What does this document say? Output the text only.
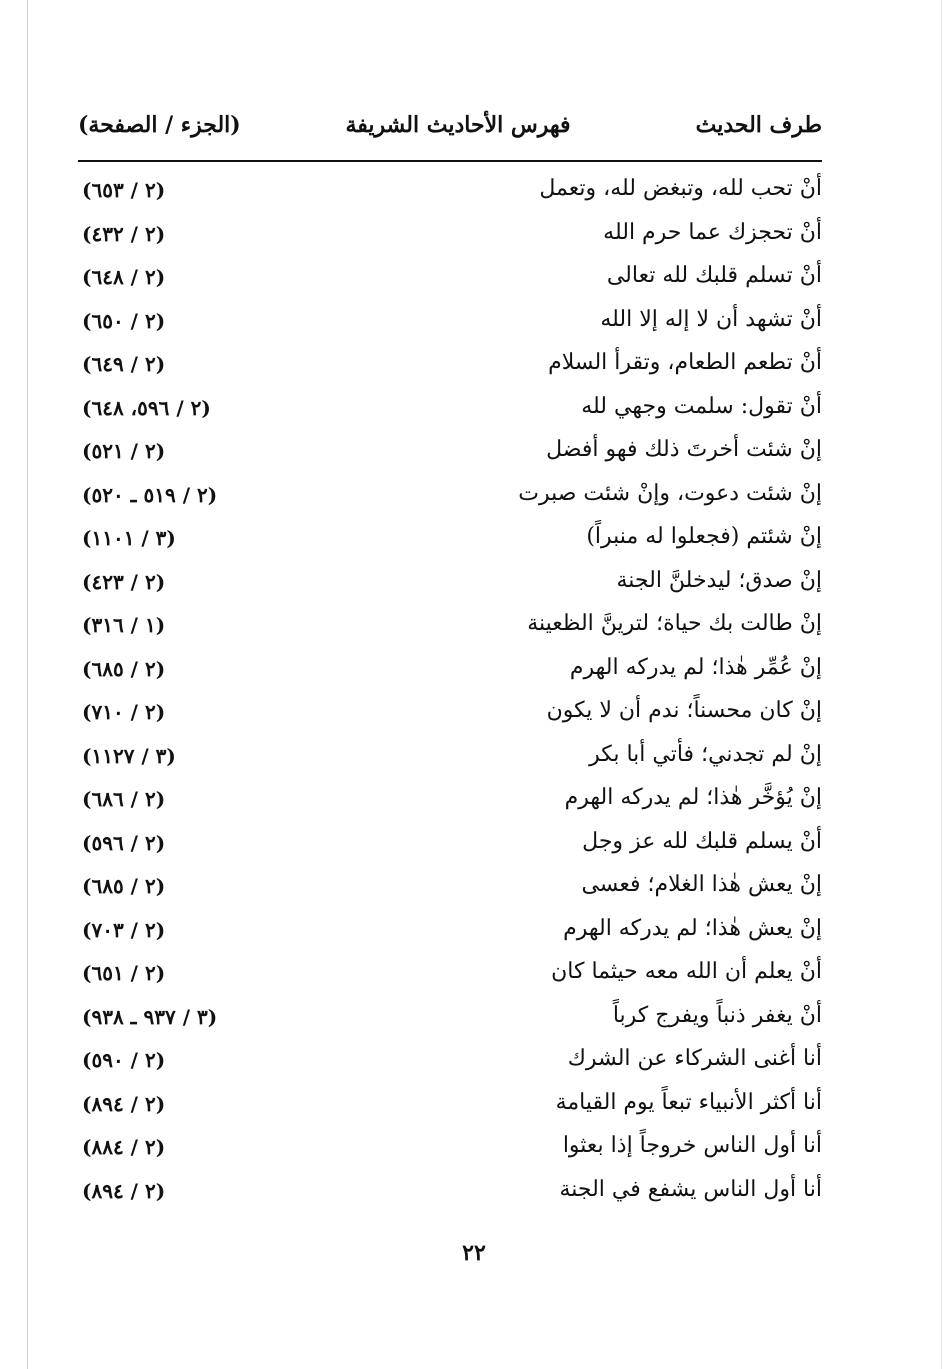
طرف الحديث
فهرس الأحاديث الشريفة
(الجزء / الصفحة)
أنْ تحب لله، وتبغض لله، وتعمل
(٢ / ٦٥٣)
أنْ تحجزك عما حرم الله
(٢ / ٤٣٢)
أنْ تسلم قلبك لله تعالى
(٢ / ٦٤٨)
أنْ تشهد أن لا إله إلا الله
(٢ / ٦٥٠)
أنْ تطعم الطعام، وتقرأ السلام
(٢ / ٦٤٩)
أنْ تقول: سلمت وجهي لله
(٢ / ٥٩٦، ٦٤٨)
إنْ شئت أخرتَ ذلك فهو أفضل
(٢ / ٥٢١)
إنْ شئت دعوت، وإنْ شئت صبرت
(٢ / ٥١٩ ـ ٥٢٠)
إنْ شئتم (فجعلوا له منبراً)
(٣ / ١١٠١)
إنْ صدق؛ ليدخلنَّ الجنة
(٢ / ٤٢٣)
إنْ طالت بك حياة؛ لترينَّ الظعينة
(١ / ٣١٦)
إنْ عُمِّر هٰذا؛ لم يدركه الهرم
(٢ / ٦٨٥)
إنْ كان محسناً؛ ندم أن لا يكون
(٢ / ٧١٠)
إنْ لم تجدني؛ فأتي أبا بكر
(٣ / ١١٢٧)
إنْ يُؤخَّر هٰذا؛ لم يدركه الهرم
(٢ / ٦٨٦)
أنْ يسلم قلبك لله عز وجل
(٢ / ٥٩٦)
إنْ يعش هٰذا الغلام؛ فعسى
(٢ / ٦٨٥)
إنْ يعش هٰذا؛ لم يدركه الهرم
(٢ / ٧٠٣)
أنْ يعلم أن الله معه حيثما كان
(٢ / ٦٥١)
أنْ يغفر ذنباً ويفرج كرباً
(٣ / ٩٣٧ ـ ٩٣٨)
أنا أغنى الشركاء عن الشرك
(٢ / ٥٩٠)
أنا أكثر الأنبياء تبعاً يوم القيامة
(٢ / ٨٩٤)
أنا أول الناس خروجاً إذا بعثوا
(٢ / ٨٨٤)
أنا أول الناس يشفع في الجنة
(٢ / ٨٩٤)
٢٢
